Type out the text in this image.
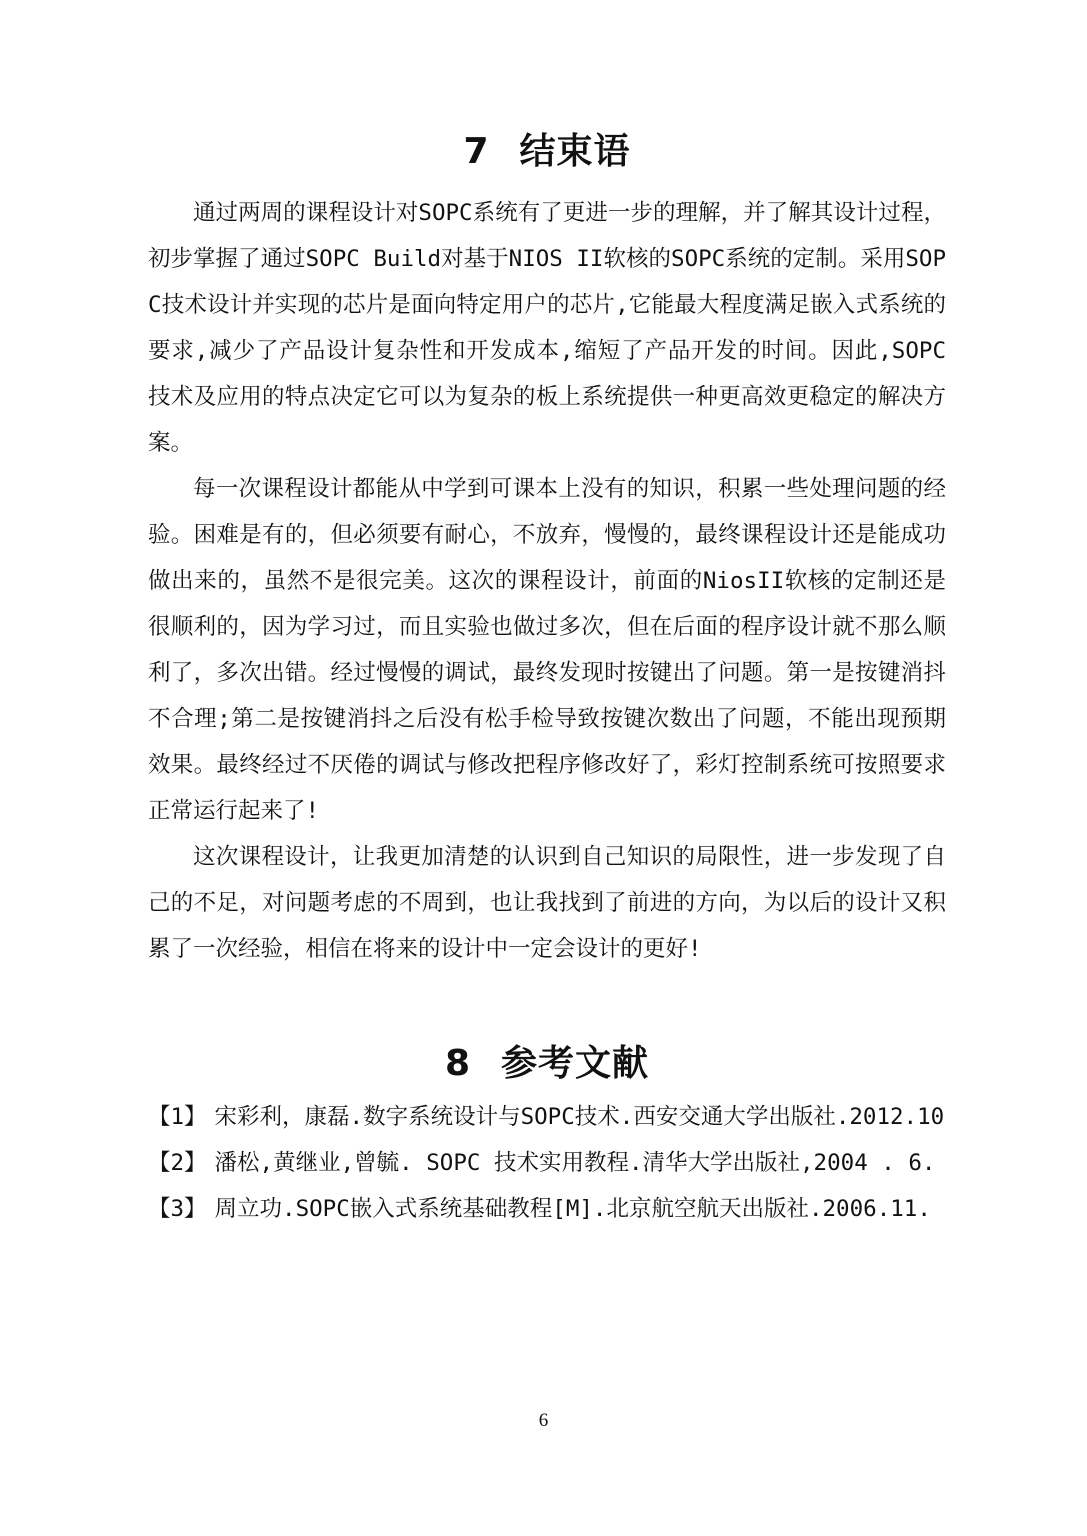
7 结束语

通过两周的课程设计对SOPC系统有了更进一步的理解，并了解其设计过程，初步掌握了通过SOPC Build对基于NIOS II软核的SOPC系统的定制。采用SOPC技术设计并实现的芯片是面向特定用户的芯片,它能最大程度满足嵌入式系统的要求,减少了产品设计复杂性和开发成本,缩短了产品开发的时间。因此,SOPC 技术及应用的特点决定它可以为复杂的板上系统提供一种更高效更稳定的解决方案。

每一次课程设计都能从中学到可课本上没有的知识，积累一些处理问题的经验。困难是有的，但必须要有耐心，不放弃，慢慢的，最终课程设计还是能成功做出来的，虽然不是很完美。这次的课程设计，前面的NiosII软核的定制还是很顺利的，因为学习过，而且实验也做过多次，但在后面的程序设计就不那么顺利了，多次出错。经过慢慢的调试，最终发现时按键出了问题。第一是按键消抖不合理;第二是按键消抖之后没有松手检导致按键次数出了问题，不能出现预期效果。最终经过不厌倦的调试与修改把程序修改好了，彩灯控制系统可按照要求正常运行起来了!

这次课程设计，让我更加清楚的认识到自己知识的局限性，进一步发现了自己的不足，对问题考虑的不周到，也让我找到了前进的方向，为以后的设计又积累了一次经验，相信在将来的设计中一定会设计的更好!

8 参考文献

【1】 宋彩利，康磊.数字系统设计与SOPC技术.西安交通大学出版社.2012.10

【2】 潘松,黄继业,曾毓. SOPC 技术实用教程.清华大学出版社,2004 . 6.

【3】 周立功.SOPC嵌入式系统基础教程[M].北京航空航天出版社.2006.11.

6
